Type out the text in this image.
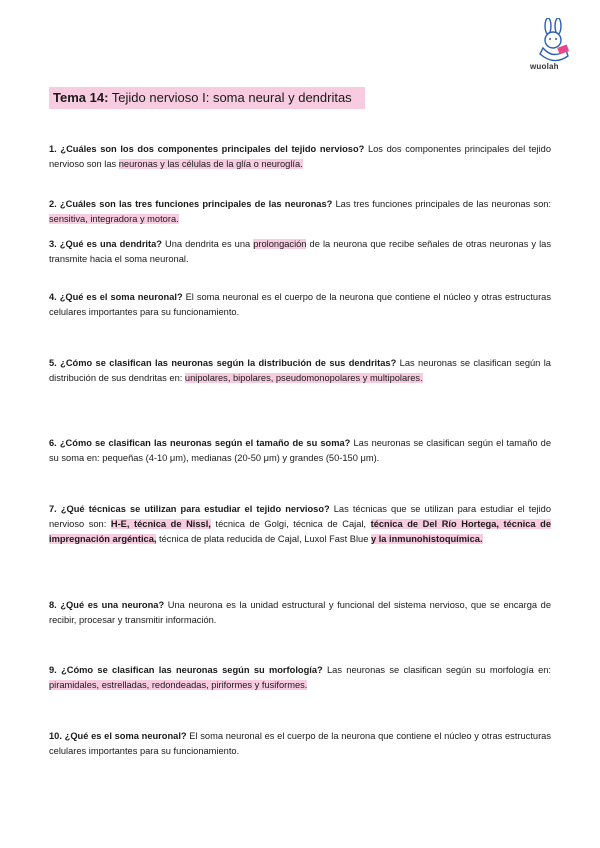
wuolah
Tema 14: Tejido nervioso I: soma neural y dendritas

1. ¿Cuáles son los dos componentes principales del tejido nervioso? Los dos componentes principales del tejido nervioso son las neuronas y las células de la glía o neuroglía.

2. ¿Cuáles son las tres funciones principales de las neuronas? Las tres funciones principales de las neuronas son: sensitiva, integradora y motora.

3. ¿Qué es una dendrita? Una dendrita es una prolongación de la neurona que recibe señales de otras neuronas y las transmite hacia el soma neuronal.

4. ¿Qué es el soma neuronal? El soma neuronal es el cuerpo de la neurona que contiene el núcleo y otras estructuras celulares importantes para su funcionamiento.

5. ¿Cómo se clasifican las neuronas según la distribución de sus dendritas? Las neuronas se clasifican según la distribución de sus dendritas en: unipolares, bipolares, pseudomonopolares y multipolares.

6. ¿Cómo se clasifican las neuronas según el tamaño de su soma? Las neuronas se clasifican según el tamaño de su soma en: pequeñas (4-10 μm), medianas (20-50 μm) y grandes (50-150 μm).

7. ¿Qué técnicas se utilizan para estudiar el tejido nervioso? Las técnicas que se utilizan para estudiar el tejido nervioso son: H-E, técnica de Nissl, técnica de Golgi, técnica de Cajal, técnica de Del Río Hortega, técnica de impregnación argéntica, técnica de plata reducida de Cajal, Luxol Fast Blue y la inmunohistoquímica.

8. ¿Qué es una neurona? Una neurona es la unidad estructural y funcional del sistema nervioso, que se encarga de recibir, procesar y transmitir información.

9. ¿Cómo se clasifican las neuronas según su morfología? Las neuronas se clasifican según su morfología en: piramidales, estrelladas, redondeadas, piriformes y fusiformes.

10. ¿Qué es el soma neuronal? El soma neuronal es el cuerpo de la neurona que contiene el núcleo y otras estructuras celulares importantes para su funcionamiento.
